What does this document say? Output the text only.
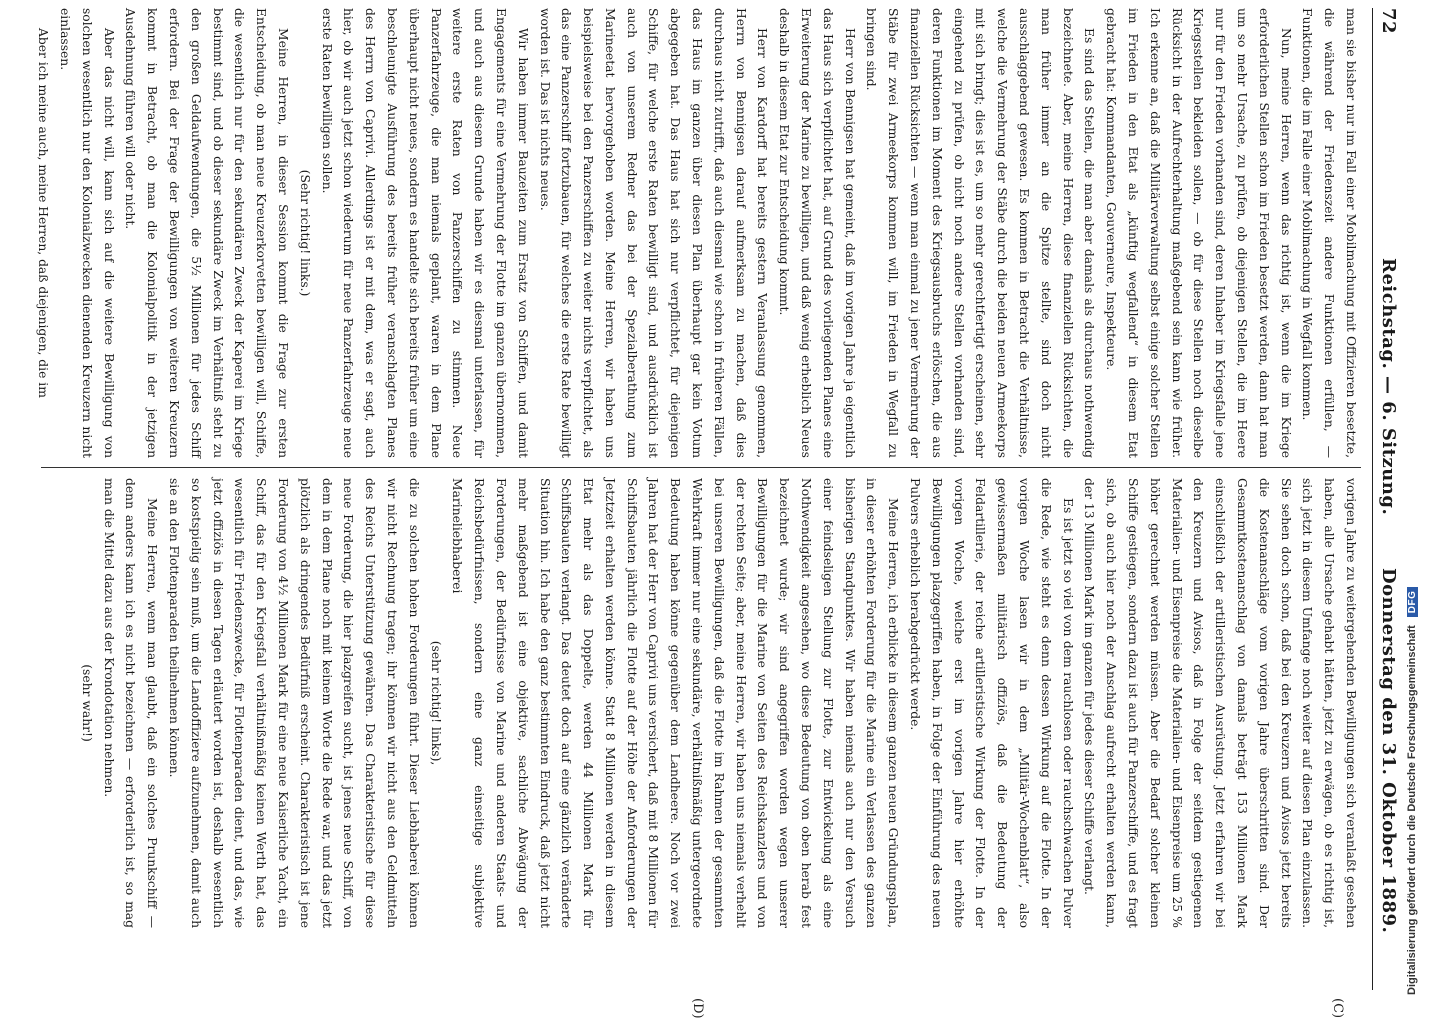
72
Reichstag. — 6. Sitzung.
Donnerstag den 31. Oktober 1889.
(C)
(D)

man sie bisher nur im Fall einer Mobilmachung mit Offizieren besetzte, die während der Friedenszeit andere Funktionen erfüllen, — Funktionen, die im Falle einer Mobilmachung in Wegfall kommen.

Nun, meine Herren, wenn das richtig ist, wenn die im Kriege erforderlichen Stellen schon im Frieden besetzt werden, dann hat man um so mehr Ursache, zu prüfen, ob diejenigen Stellen, die im Heere nur für den Frieden vorhanden sind, deren Inhaber im Kriegsfalle jene Kriegsstellen bekleiden sollen, — ob für diese Stellen noch dieselbe Rücksicht in der Aufrechterhaltung maßgebend sein kann wie früher. Ich erkenne an, daß die Militärverwaltung selbst einige solcher Stellen im Frieden in den Etat als „künftig wegfallend“ in diesem Etat gebracht hat: Kommandanten, Gouverneure, Inspekteure.

Es sind das Stellen, die man aber damals als durchaus nothwendig bezeichnete. Aber, meine Herren, diese finanziellen Rücksichten, die man früher immer an die Spitze stellte, sind doch nicht ausschlaggebend gewesen. Es kommen in Betracht die Verhältnisse, welche die Vermehrung der Stäbe durch die beiden neuen Armeekorps mit sich bringt; dies ist es, um so mehr gerechtfertigt erscheinen, sehr eingehend zu prüfen, ob nicht noch andere Stellen vorhanden sind, deren Funktionen im Moment des Kriegsausbruchs erlöschen, die aus finanziellen Rücksichten — wenn man einmal zu jener Vermehrung der Stäbe für zwei Armeekorps kommen will, im Frieden in Wegfall zu bringen sind.

Herr von Bennigsen hat gemeint, daß im vorigen Jahre ja eigentlich das Haus sich verpflichtet hat, auf Grund des vorliegenden Planes eine Erweiterung der Marine zu bewilligen, und daß wenig erheblich Neues deshalb in diesem Etat zur Entscheidung kommt.

Herr von Kardorff hat bereits gestern Veranlassung genommen, Herrn von Bennigsen darauf aufmerksam zu machen, daß dies durchaus nicht zutrifft, daß auch diesmal wie schon in früheren Fällen, das Haus im ganzen über diesen Plan überhaupt gar kein Votum abgegeben hat. Das Haus hat sich nur verpflichtet, für diejenigen Schiffe, für welche erste Raten bewilligt sind, und ausdrücklich ist auch von unserem Redner das bei der Spezialberathung zum Marineetat hervorgehoben worden. Meine Herren, wir haben uns beispielsweise bei den Panzerschiffen zu weiter nichts verpflichtet, als das eine Panzerschiff fortzubauen, für welches die erste Rate bewilligt worden ist. Das ist nichts neues.

Wir haben immer Bauzeiten zum Ersatz von Schiffen, und damit Engagements für eine Vermehrung der Flotte im ganzen übernommen, und auch aus diesem Grunde haben wir es diesmal unterlassen, für weitere erste Raten von Panzerschiffen zu stimmen. Neue Panzerfahrzeuge, die man niemals geplant, waren in dem Plane überhaupt nicht neues, sondern es handelte sich bereits früher um eine beschleunigte Ausführung des bereits früher veranschlagten Planes des Herrn von Caprivi. Allerdings ist er mit dem, was er sagt, auch hier, ob wir auch jetzt schon wiederum für neue Panzerfahrzeuge neue erste Raten bewilligen sollen.

(Sehr richtig! links.)

Meine Herren, in dieser Session kommt die Frage zur ersten Entscheidung, ob man neue Kreuzerkorvetten bewilligen will, Schiffe, die wesentlich nur für den sekundären Zweck der Kaperei im Kriege bestimmt sind, und ob dieser sekundäre Zweck im Verhältniß steht zu den großen Geldaufwendungen, die 5½ Millionen für jedes Schiff erfordern. Bei der Frage der Bewilligungen von weiteren Kreuzern kommt in Betracht, ob man die Kolonialpolitik in der jetzigen Ausdehnung führen will oder nicht.

Aber das nicht will, kann sich auf die weitere Bewilligung von solchen wesentlich nur den Kolonialzwecken dienenden Kreuzern nicht einlassen.

Aber ich meine auch, meine Herren, daß diejenigen, die im

vorigen Jahre zu weitergehenden Bewilligungen sich veranlaßt gesehen haben, alle Ursache gehabt hätten, jetzt zu erwägen, ob es richtig ist, sich jetzt in diesem Umfange noch weiter auf diesen Plan einzulassen. Sie sehen doch schon, daß bei den Kreuzern und Avisos jetzt bereits die Kostenanschläge vom vorigen Jahre überschritten sind. Der Gesammtkostenanschlag von damals beträgt 153 Millionen Mark einschließlich der artilleristischen Ausrüstung. Jetzt erfahren wir bei den Kreuzern und Avisos, daß in Folge der seitdem gestiegenen Materialien- und Eisenpreise die Materialien- und Eisenpreise um 25 % höher gerechnet werden müssen. Aber die Bedarf solcher kleinen Schiffe gestiegen, sondern dazu ist auch für Panzerschiffe, und es fragt sich, ob auch hier noch der Anschlag aufrecht erhalten werden kann, der 13 Millionen Mark im ganzen für jedes dieser Schiffe verlangt.

Es ist jetzt so viel von dem rauchlosen oder rauchschwachen Pulver die Rede, wie steht es denn dessen Wirkung auf die Flotte. In der vorigen Woche lasen wir in dem „Militär-Wochenblatt“, also gewissermaßen militärisch offiziös, daß die Bedeutung der Feldartillerie, der reiche artilleristische Wirkung der Flotte. In der vorigen Woche, welche erst im vorigen Jahre hier erhöhte Bewilligungen plazgegriffen haben, in Folge der Einführung des neuen Pulvers erheblich herabgedrückt werde.

Meine Herren, ich erblicke in diesem ganzen neuen Gründungsplan, in dieser erhöhten Forderung für die Marine ein Verlassen des ganzen bisherigen Standpunktes. Wir haben niemals auch nur den Versuch einer feindseligen Stellung zur Flotte, zur Entwickelung als eine Nothwendigkeit angesehen, wo diese Bedeutung von oben herab fest bezeichnet wurde; wir sind angegriffen worden wegen unserer Bewilligungen für die Marine von Seiten des Reichskanzlers und von der rechten Seite; aber, meine Herren, wir haben uns niemals verhehlt bei unseren Bewilligungen, daß die Flotte im Rahmen der gesammten Wehrkraft immer nur eine sekundäre, verhältnißmäßig untergeordnete Bedeutung haben könne gegenüber dem Landheere. Noch vor zwei Jahren hat der Herr von Caprivi uns versichert, daß mit 8 Millionen für Schiffsbauten jährlich die Flotte auf der Höhe der Anforderungen der Jetztzeit erhalten werden könne. Statt 8 Millionen werden in diesem Etat mehr als das Doppelte, werden 44 Millionen Mark für Schiffsbauten verlangt. Das deutet doch auf eine gänzlich veränderte Situation hin. Ich habe den ganz bestimmten Eindruck, daß jetzt nicht mehr maßgebend ist eine objektive, sachliche Abwägung der Forderungen, der Bedürfnisse von Marine und anderen Staats- und Reichsbedürfnissen, sondern eine ganz einseitige subjektive Marineliebhaberei

(sehr richtig! links),

die zu solchen hohen Forderungen führt. Dieser Liebhaberei können wir nicht Rechnung tragen; ihr können wir nicht aus den Geldmitteln des Reichs Unterstützung gewähren. Das Charakteristische für diese neue Forderung, die hier plazgreifen sucht, ist jenes neue Schiff, von dem in dem Plane noch mit keinem Worte die Rede war, und das jetzt plötzlich als dringendes Bedürfniß erscheint. Charakteristisch ist jene Forderung von 4½ Millionen Mark für eine neue Kaiserliche Yacht, ein Schiff, das für den Kriegsfall verhältnißmäßig keinen Werth hat, das wesentlich für Friedenszwecke, für Flottenparaden dient, und das, wie jetzt offiziös in diesen Tagen erläutert worden ist, deshalb wesentlich so kostspielig sein muß, um die Landoffiziere aufzunehmen, damit auch sie an den Flottenparaden theilnehmen können.

Meine Herren, wenn man glaubt, daß ein solches Prunkschiff — denn anders kann ich es nicht bezeichnen — erforderlich ist, so mag man die Mittel dazu aus der Krondotation nehmen.

(sehr wahr!)	Digitalisierung gefördert durch die Deutsche Forschungsgemeinschaft
DFG
